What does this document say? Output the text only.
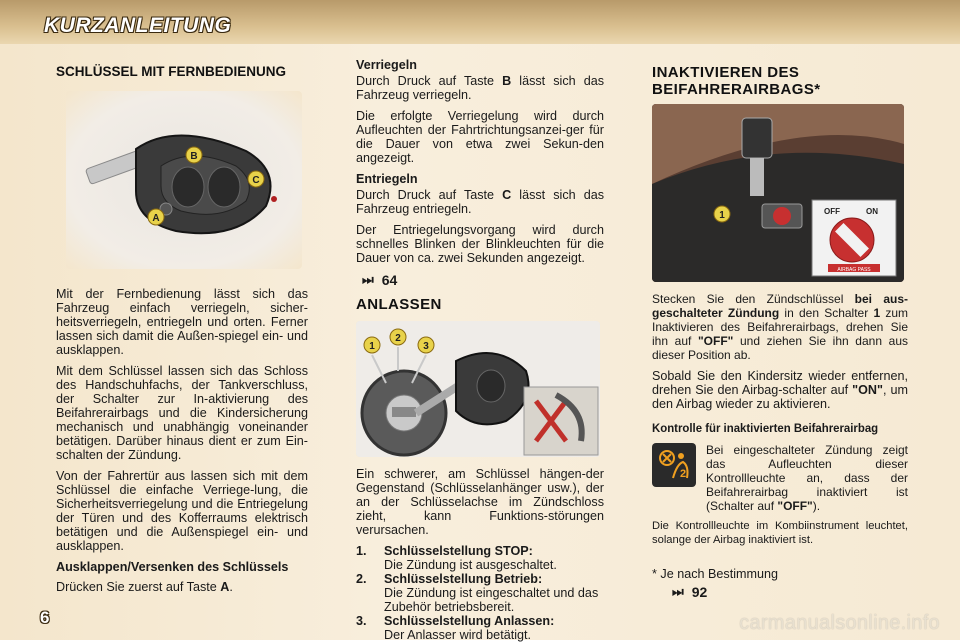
KURZANLEITUNG
SCHLÜSSEL MIT FERNBEDIENUNG
A
B
C

Mit der Fernbedienung lässt sich das Fahrzeug einfach verriegeln, sicher-heitsverriegeln, entriegeln und orten. Ferner lassen sich damit die Außen-spiegel ein- und ausklappen.

Mit dem Schlüssel lassen sich das Schloss des Handschuhfachs, der Tankverschluss, der Schalter zur In-aktivierung des Beifahrerairbags und die Kindersicherung mechanisch und unabhängig voneinander betätigen. Darüber hinaus dient er zum Ein-schalten der Zündung.

Von der Fahrertür aus lassen sich mit dem Schlüssel die einfache Verriege-lung, die Sicherheitsverriegelung und die Entriegelung der Türen und des Kofferraums elektrisch betätigen und die Außenspiegel ein- und ausklappen.

Ausklappen/Versenken des Schlüssels

Drücken Sie zuerst auf Taste A.

Verriegeln

Durch Druck auf Taste B lässt sich das Fahrzeug verriegeln.

Die erfolgte Verriegelung wird durch Aufleuchten der Fahrtrichtungsanzei-ger für die Dauer von etwa zwei Sekun-den angezeigt.

Entriegeln

Durch Druck auf Taste C lässt sich das Fahrzeug entriegeln.

Der Entriegelungsvorgang wird durch schnelles Blinken der Blinkleuchten für die Dauer von ca. zwei Sekunden angezeigt.

⏭ 64
ANLASSEN
1
2
3

Ein schwerer, am Schlüssel hängen-der Gegenstand (Schlüsselanhänger usw.), der an der Schlüsselachse im Zündschloss zieht, kann Funktions-störungen verursachen.

1.	Schlüsselstellung STOP:
Die Zündung ist ausgeschaltet.
2.	Schlüsselstellung Betrieb:
Die Zündung ist eingeschaltet und das Zubehör betriebsbereit.
3.	Schlüsselstellung Anlassen:
Der Anlasser wird betätigt.
INAKTIVIEREN DES BEIFAHRERAIRBAGS*
1	OFF	ON
AIRBAG PASS

Stecken Sie den Zündschlüssel bei aus-geschalteter Zündung in den Schalter 1 zum Inaktivieren des Beifahrerairbags, drehen Sie ihn auf "OFF" und ziehen Sie ihn dann aus dieser Position ab.

Sobald Sie den Kindersitz wieder entfernen, drehen Sie den Airbag-schalter auf "ON", um den Airbag wieder zu aktivieren.

Kontrolle für inaktivierten Beifahrerairbag
2

Bei eingeschalteter Zündung zeigt das Aufleuchten dieser Kontrollleuchte an, dass der Beifahrerairbag inaktiviert ist (Schalter auf "OFF").

Die Kontrollleuchte im Kombiinstrument leuchtet, solange der Airbag inaktiviert ist.

* Je nach Bestimmung

⏭ 92
6	carmanualsonline.info
